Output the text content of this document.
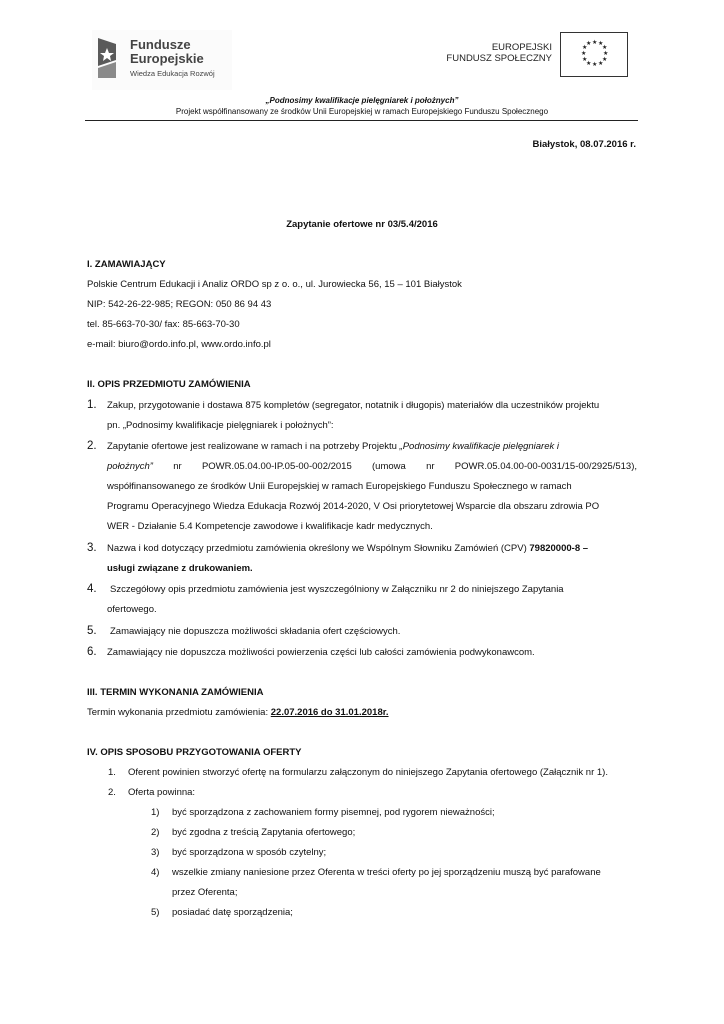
Fundusze
Europejskie
Wiedza Edukacja Rozwój
EUROPEJSKI
FUNDUSZ SPOŁECZNY
★ ★
★
★
★
★
★
★
★
★
★
★
„Podnosimy kwalifikacje pielęgniarek i położnych”
Projekt współfinansowany ze środków Unii Europejskiej w ramach Europejskiego Funduszu Społecznego
Białystok, 08.07.2016 r.
Zapytanie ofertowe nr 03/5.4/2016
I. ZAMAWIAJĄCY
Polskie Centrum Edukacji i Analiz ORDO sp z o. o., ul. Jurowiecka 56, 15 – 101 Białystok
NIP: 542-26-22-985; REGON: 050 86 94 43
tel. 85-663-70-30/ fax: 85-663-70-30
e-mail: biuro@ordo.info.pl, www.ordo.info.pl
II. OPIS PRZEDMIOTU ZAMÓWIENIA
1. Zakup, przygotowanie i dostawa 875 kompletów (segregator, notatnik i długopis) materiałów dla uczestników projektu
pn. „Podnosimy kwalifikacje pielęgniarek i położnych”:
2. Zapytanie ofertowe jest realizowane w ramach i na potrzeby Projektu „Podnosimy kwalifikacje pielęgniarek i
położnych” nr POWR.05.04.00-IP.05-00-002/2015 (umowa nr POWR.05.04.00-00-0031/15-00/2925/513),
współfinansowanego ze środków Unii Europejskiej w ramach Europejskiego Funduszu Społecznego w ramach
Programu Operacyjnego Wiedza Edukacja Rozwój 2014-2020, V Osi priorytetowej Wsparcie dla obszaru zdrowia PO
WER - Działanie 5.4 Kompetencje zawodowe i kwalifikacje kadr medycznych.
3. Nazwa i kod dotyczący przedmiotu zamówienia określony we Wspólnym Słowniku Zamówień (CPV) 79820000-8 –
usługi związane z drukowaniem.
4. Szczegółowy opis przedmiotu zamówienia jest wyszczególniony w Załączniku nr 2 do niniejszego Zapytania
ofertowego.
5. Zamawiający nie dopuszcza możliwości składania ofert częściowych.
6. Zamawiający nie dopuszcza możliwości powierzenia części lub całości zamówienia podwykonawcom.
III. TERMIN WYKONANIA ZAMÓWIENIA
Termin wykonania przedmiotu zamówienia: 22.07.2016 do 31.01.2018r.
IV. OPIS SPOSOBU PRZYGOTOWANIA OFERTY
1. Oferent powinien stworzyć ofertę na formularzu załączonym do niniejszego Zapytania ofertowego (Załącznik nr 1).
2. Oferta powinna:
1) być sporządzona z zachowaniem formy pisemnej, pod rygorem nieważności;
2) być zgodna z treścią Zapytania ofertowego;
3) być sporządzona w sposób czytelny;
4) wszelkie zmiany naniesione przez Oferenta w treści oferty po jej sporządzeniu muszą być parafowane
przez Oferenta;
5) posiadać datę sporządzenia;
